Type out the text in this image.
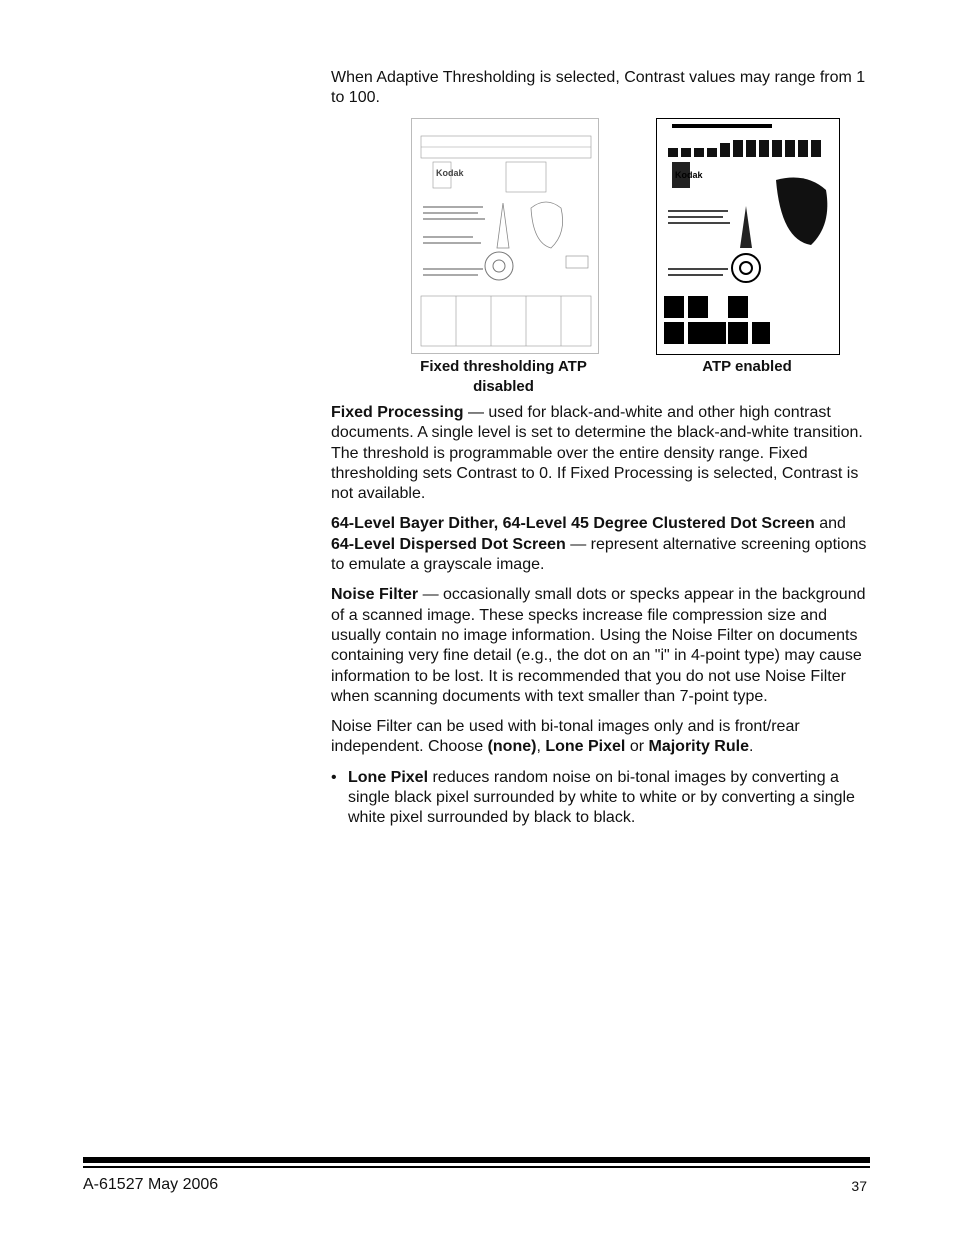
When Adaptive Thresholding is selected, Contrast values may range from 1 to 100.

Kodak	Kodak
Fixed thresholding ATP disabled
ATP enabled

Fixed Processing — used for black-and-white and other high contrast documents. A single level is set to determine the black-and-white transition. The threshold is programmable over the entire density range. Fixed thresholding sets Contrast to 0. If Fixed Processing is selected, Contrast is not available.

64-Level Bayer Dither, 64-Level 45 Degree Clustered Dot Screen and 64-Level Dispersed Dot Screen — represent alternative screening options to emulate a grayscale image.

Noise Filter — occasionally small dots or specks appear in the background of a scanned image. These specks increase file compression size and usually contain no image information. Using the Noise Filter on documents containing very fine detail (e.g., the dot on an "i" in 4-point type) may cause information to be lost. It is recommended that you do not use Noise Filter when scanning documents with text smaller than 7-point type.

Noise Filter can be used with bi-tonal images only and is front/rear independent. Choose (none), Lone Pixel or Majority Rule.

• Lone Pixel reduces random noise on bi-tonal images by converting a single black pixel surrounded by white to white or by converting a single white pixel surrounded by black to black.

A-61527 May 2006	37
